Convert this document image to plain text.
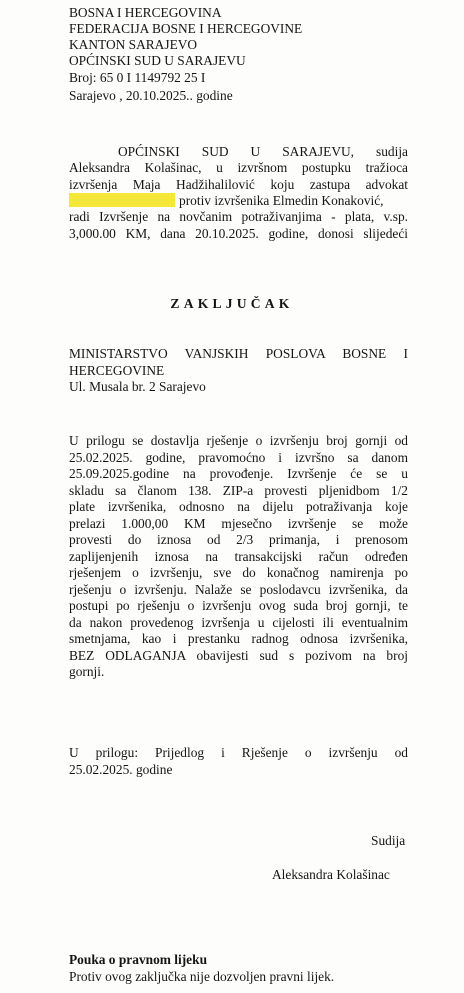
BOSNA I HERCEGOVINA
FEDERACIJA BOSNE I HERCEGOVINE
KANTON SARAJEVO
OPĆINSKI SUD U SARAJEVU
Broj: 65 0 I 1149792 25 I
Sarajevo , 20.10.2025.. godine
OPĆINSKI SUD U SARAJEVU, sudija
Aleksandra Kolašinac, u izvršnom postupku tražioca
izvršenja Maja Hadžihalilović koju zastupa advokat
protiv izvršenika Elmedin Konaković,
radi Izvršenje na novčanim potraživanjima - plata, v.sp.
3,000.00 KM, dana 20.10.2025. godine, donosi slijedeći
ZAKLJUČAK
MINISTARSTVO VANJSKIH POSLOVA BOSNE I
HERCEGOVINE
Ul. Musala br. 2 Sarajevo
U prilogu se dostavlja rješenje o izvršenju broj gornji od
25.02.2025. godine, pravomoćno i izvršno sa danom
25.09.2025.godine na provođenje. Izvršenje će se u
skladu sa članom 138. ZIP-a provesti pljenidbom 1/2
plate izvršenika, odnosno na dijelu potraživanja koje
prelazi 1.000,00 KM mjesečno izvršenje se može
provesti do iznosa od 2/3 primanja, i prenosom
zaplijenjenih iznosa na transakcijski račun određen
rješenjem o izvršenju, sve do konačnog namirenja po
rješenju o izvršenju. Nalaže se poslodavcu izvršenika, da
postupi po rješenju o izvršenju ovog suda broj gornji, te
da nakon provedenog izvršenja u cijelosti ili eventualnim
smetnjama, kao i prestanku radnog odnosa izvršenika,
BEZ ODLAGANJA obavijesti sud s pozivom na broj
gornji.
U prilogu: Prijedlog i Rješenje o izvršenju od
25.02.2025. godine
Sudija
Aleksandra Kolašinac
Pouka o pravnom lijeku
Protiv ovog zaključka nije dozvoljen pravni lijek.
